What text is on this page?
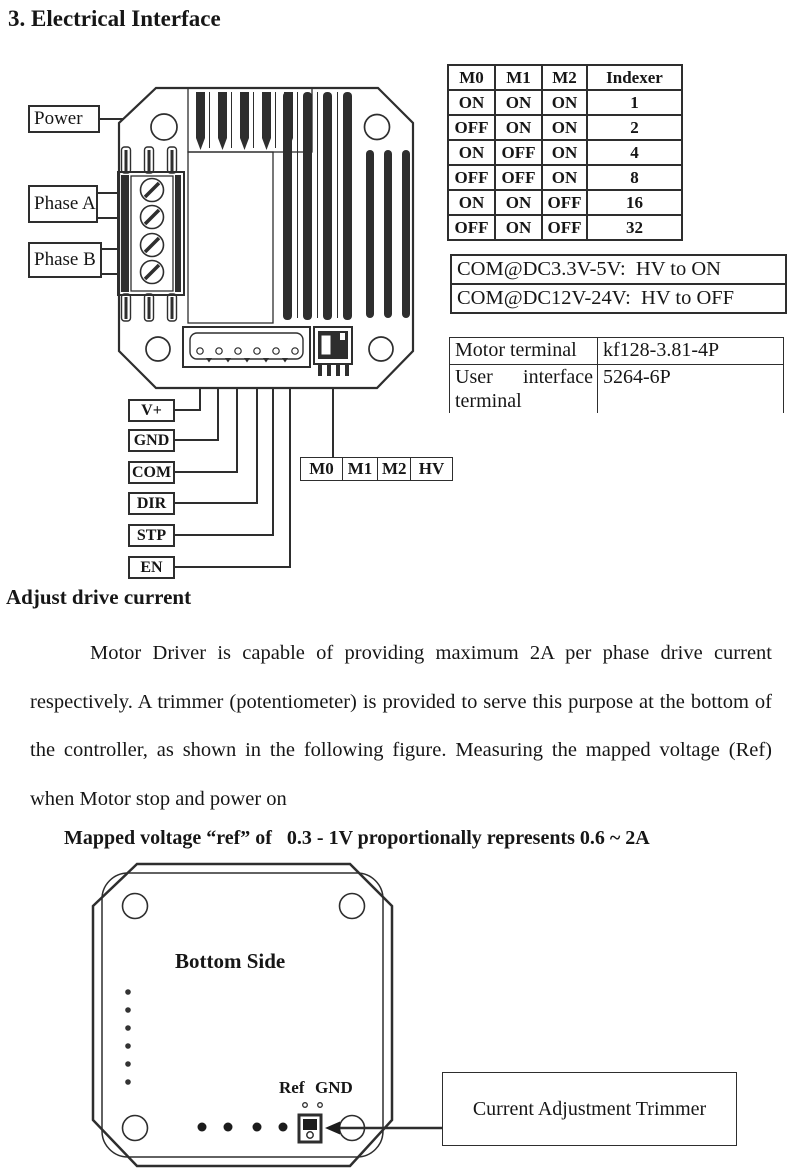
3. Electrical Interface
Power
Phase A
Phase B
V+
GND
COM
DIR
STP
EN
M0 M1 M2 HV
M0	M1	M2	Indexer
ON	ON	ON	1
OFF	ON	ON	2
ON	OFF	ON	4
OFF	OFF	ON	8
ON	ON	OFF	16
OFF	ON	OFF	32
COM@DC3.3V-5V:  HV to ON
COM@DC12V-24V:  HV to OFF
Motor terminal	kf128-3.81-4P
User interface terminal	5264-6P
Adjust drive current
Motor Driver is capable of providing maximum 2A per phase drive current respectively. A trimmer (potentiometer) is provided to serve this purpose at the bottom of the controller, as shown in the following figure. Measuring the mapped voltage (Ref) when Motor stop and power on
Mapped voltage “ref” of   0.3 - 1V proportionally represents 0.6 ~ 2A
Bottom Side
Ref GND
Current Adjustment Trimmer
